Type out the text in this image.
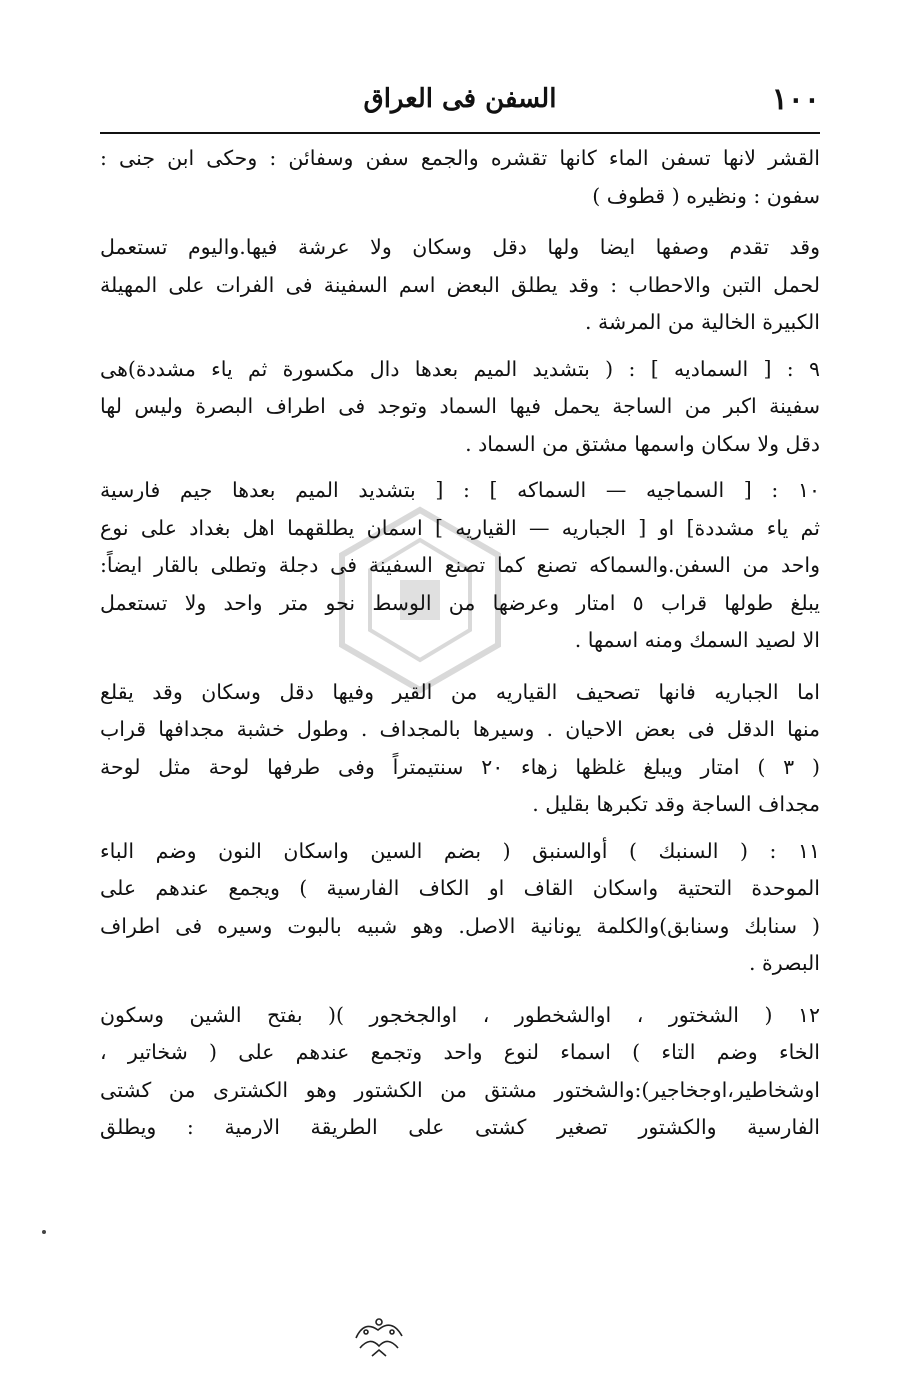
١٠٠
السفن فى العراق
القشر لانها تسفن الماء كانها تقشره والجمع سفن وسفائن : وحكى ابن جنى :
سفون : ونظيره ( قطوف )
وقد تقدم وصفها ايضا ولها دقل وسكان ولا عرشة فيها.واليوم تستعمل
لحمل التبن والاحطاب : وقد يطلق البعض اسم السفينة فى الفرات على المهيلة
الكبيرة الخالية من المرشة .
٩ : [ السماديه ] : ( بتشديد الميم بعدها دال مكسورة ثم ياء مشددة)هى
سفينة اكبر من الساجة يحمل فيها السماد وتوجد فى اطراف البصرة وليس لها
دقل ولا سكان واسمها مشتق من السماد .
١٠ : [ السماجيه — السماكه ] : [ بتشديد الميم بعدها جيم فارسية
ثم ياء مشددة] او [ الجباريه — القياريه ] اسمان يطلقهما اهل بغداد على نوع
واحد من السفن.والسماكه تصنع كما تصنع السفينة فى دجلة وتطلى بالقار ايضاً:
يبلغ طولها قراب ٥ امتار وعرضها من الوسط نحو متر واحد ولا تستعمل
الا لصيد السمك ومنه اسمها .
اما الجباريه فانها تصحيف القياريه من القير وفيها دقل وسكان وقد يقلع
منها الدقل فى بعض الاحيان . وسيرها بالمجداف . وطول خشبة مجدافها قراب
( ٣ ) امتار ويبلغ غلظها زهاء ٢٠ سنتيمتراً وفى طرفها لوحة مثل لوحة
مجداف الساجة وقد تكبرها بقليل .
١١ : ( السنبك ) أوالسنبق ( بضم السين واسكان النون وضم الباء
الموحدة التحتية واسكان القاف او الكاف الفارسية ) ويجمع عندهم على
( سنابك وسنابق)والكلمة يونانية الاصل. وهو شبيه بالبوت وسيره فى اطراف
البصرة .
١٢ ( الشختور ، اوالشخطور ، اوالجخجور )( بفتح الشين وسكون
الخاء وضم التاء ) اسماء لنوع واحد وتجمع عندهم على ( شخاتير ،
اوشخاطير،اوجخاجير):والشختور مشتق من الكشتور وهو الكشترى من كشتى
الفارسية والكشتور تصغير كشتى على الطريقة الارمية : ويطلق
